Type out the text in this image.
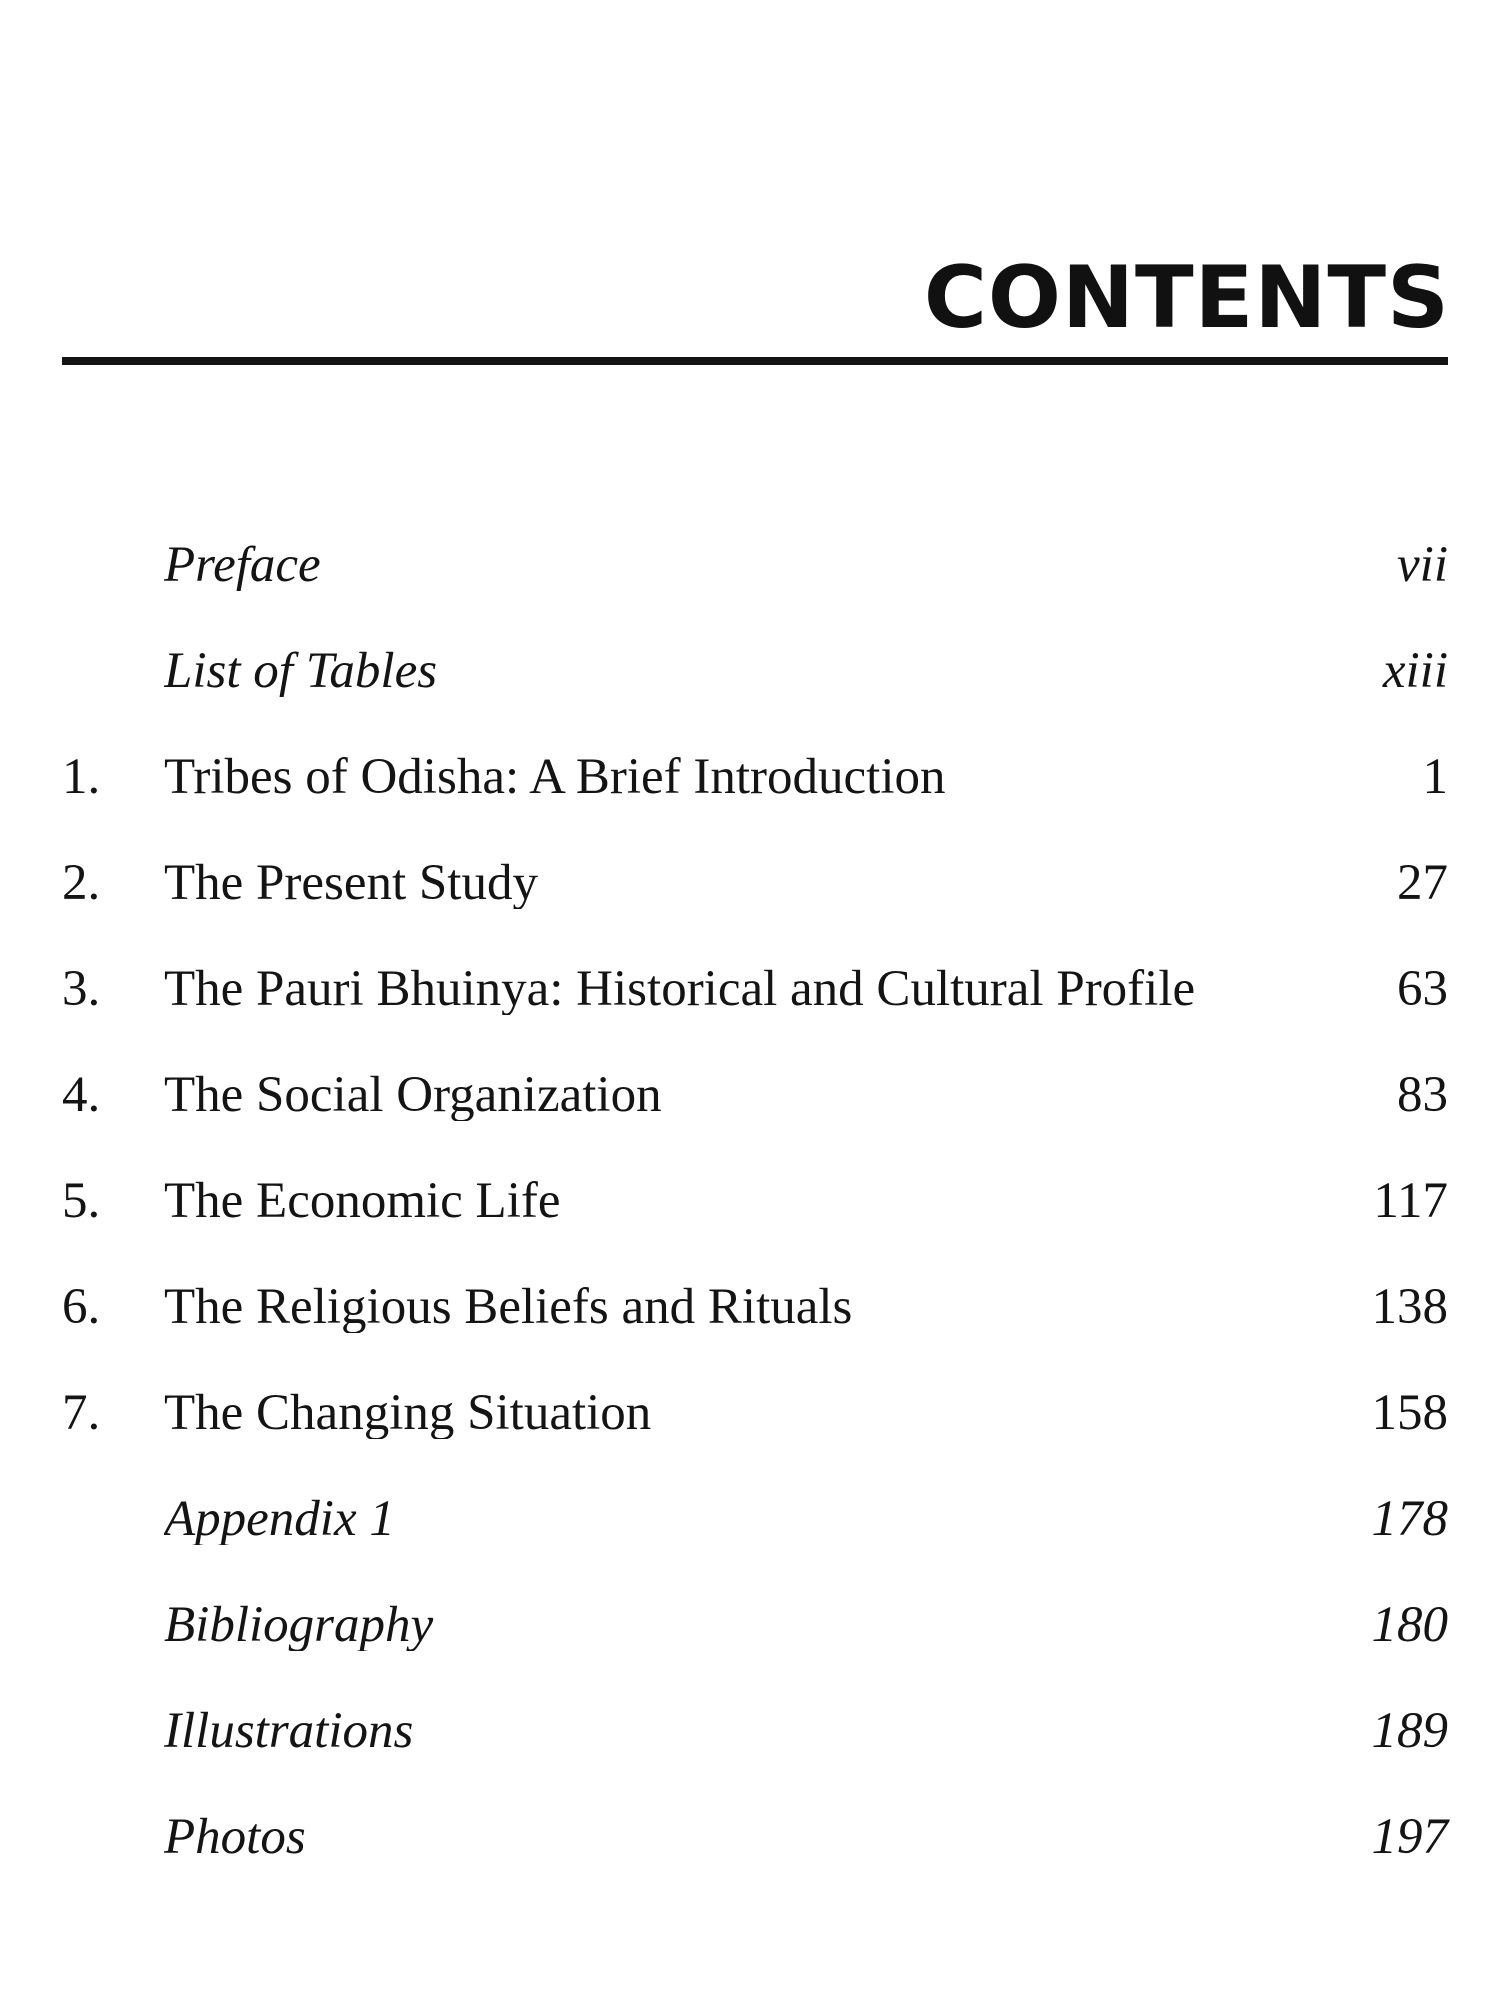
CONTENTS
Preface	vii
List of Tables	xiii
1.	Tribes of Odisha: A Brief Introduction	1
2.	The Present Study	27
3.	The Pauri Bhuinya: Historical and Cultural Profile	63
4.	The Social Organization	83
5.	The Economic Life	117
6.	The Religious Beliefs and Rituals	138
7.	The Changing Situation	158
Appendix 1	178
Bibliography	180
Illustrations	189
Photos	197
